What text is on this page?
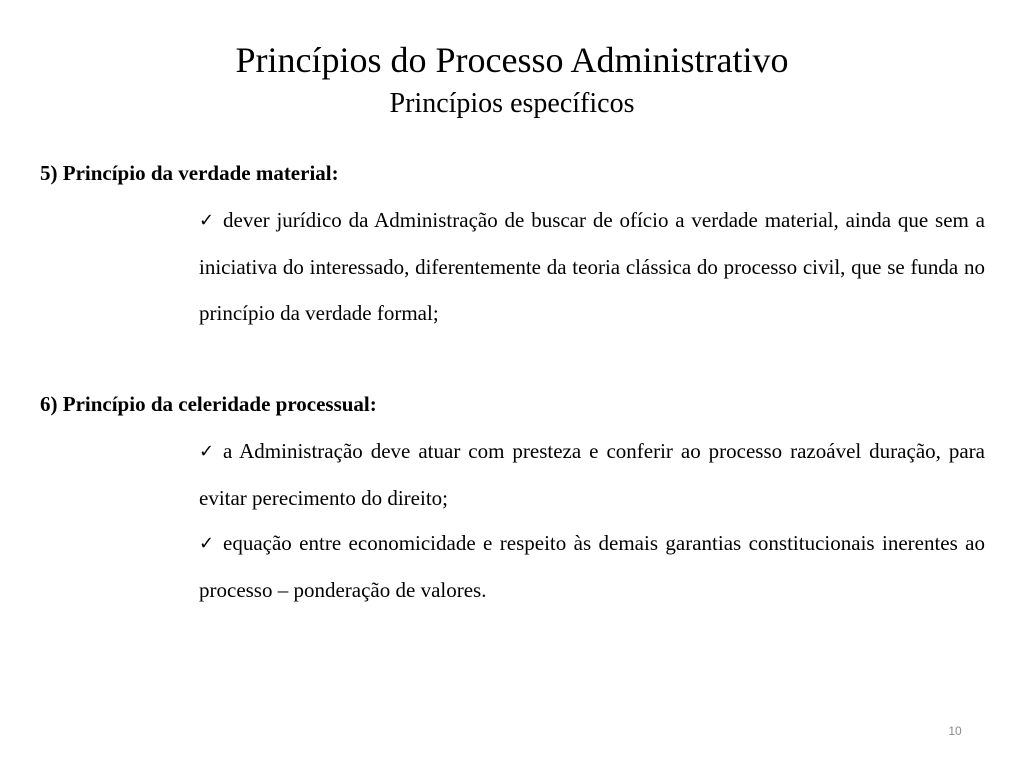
Princípios do Processo Administrativo
Princípios específicos

5) Princípio da verdade material:

✓ dever jurídico da Administração de buscar de ofício a verdade material, ainda que sem a iniciativa do interessado, diferentemente da teoria clássica do processo civil, que se funda no princípio da verdade formal;

6) Princípio da celeridade processual:

✓ a Administração deve atuar com presteza e conferir ao processo razoável duração, para evitar perecimento do direito;

✓ equação entre economicidade e respeito às demais garantias constitucionais inerentes ao processo – ponderação de valores.

10
